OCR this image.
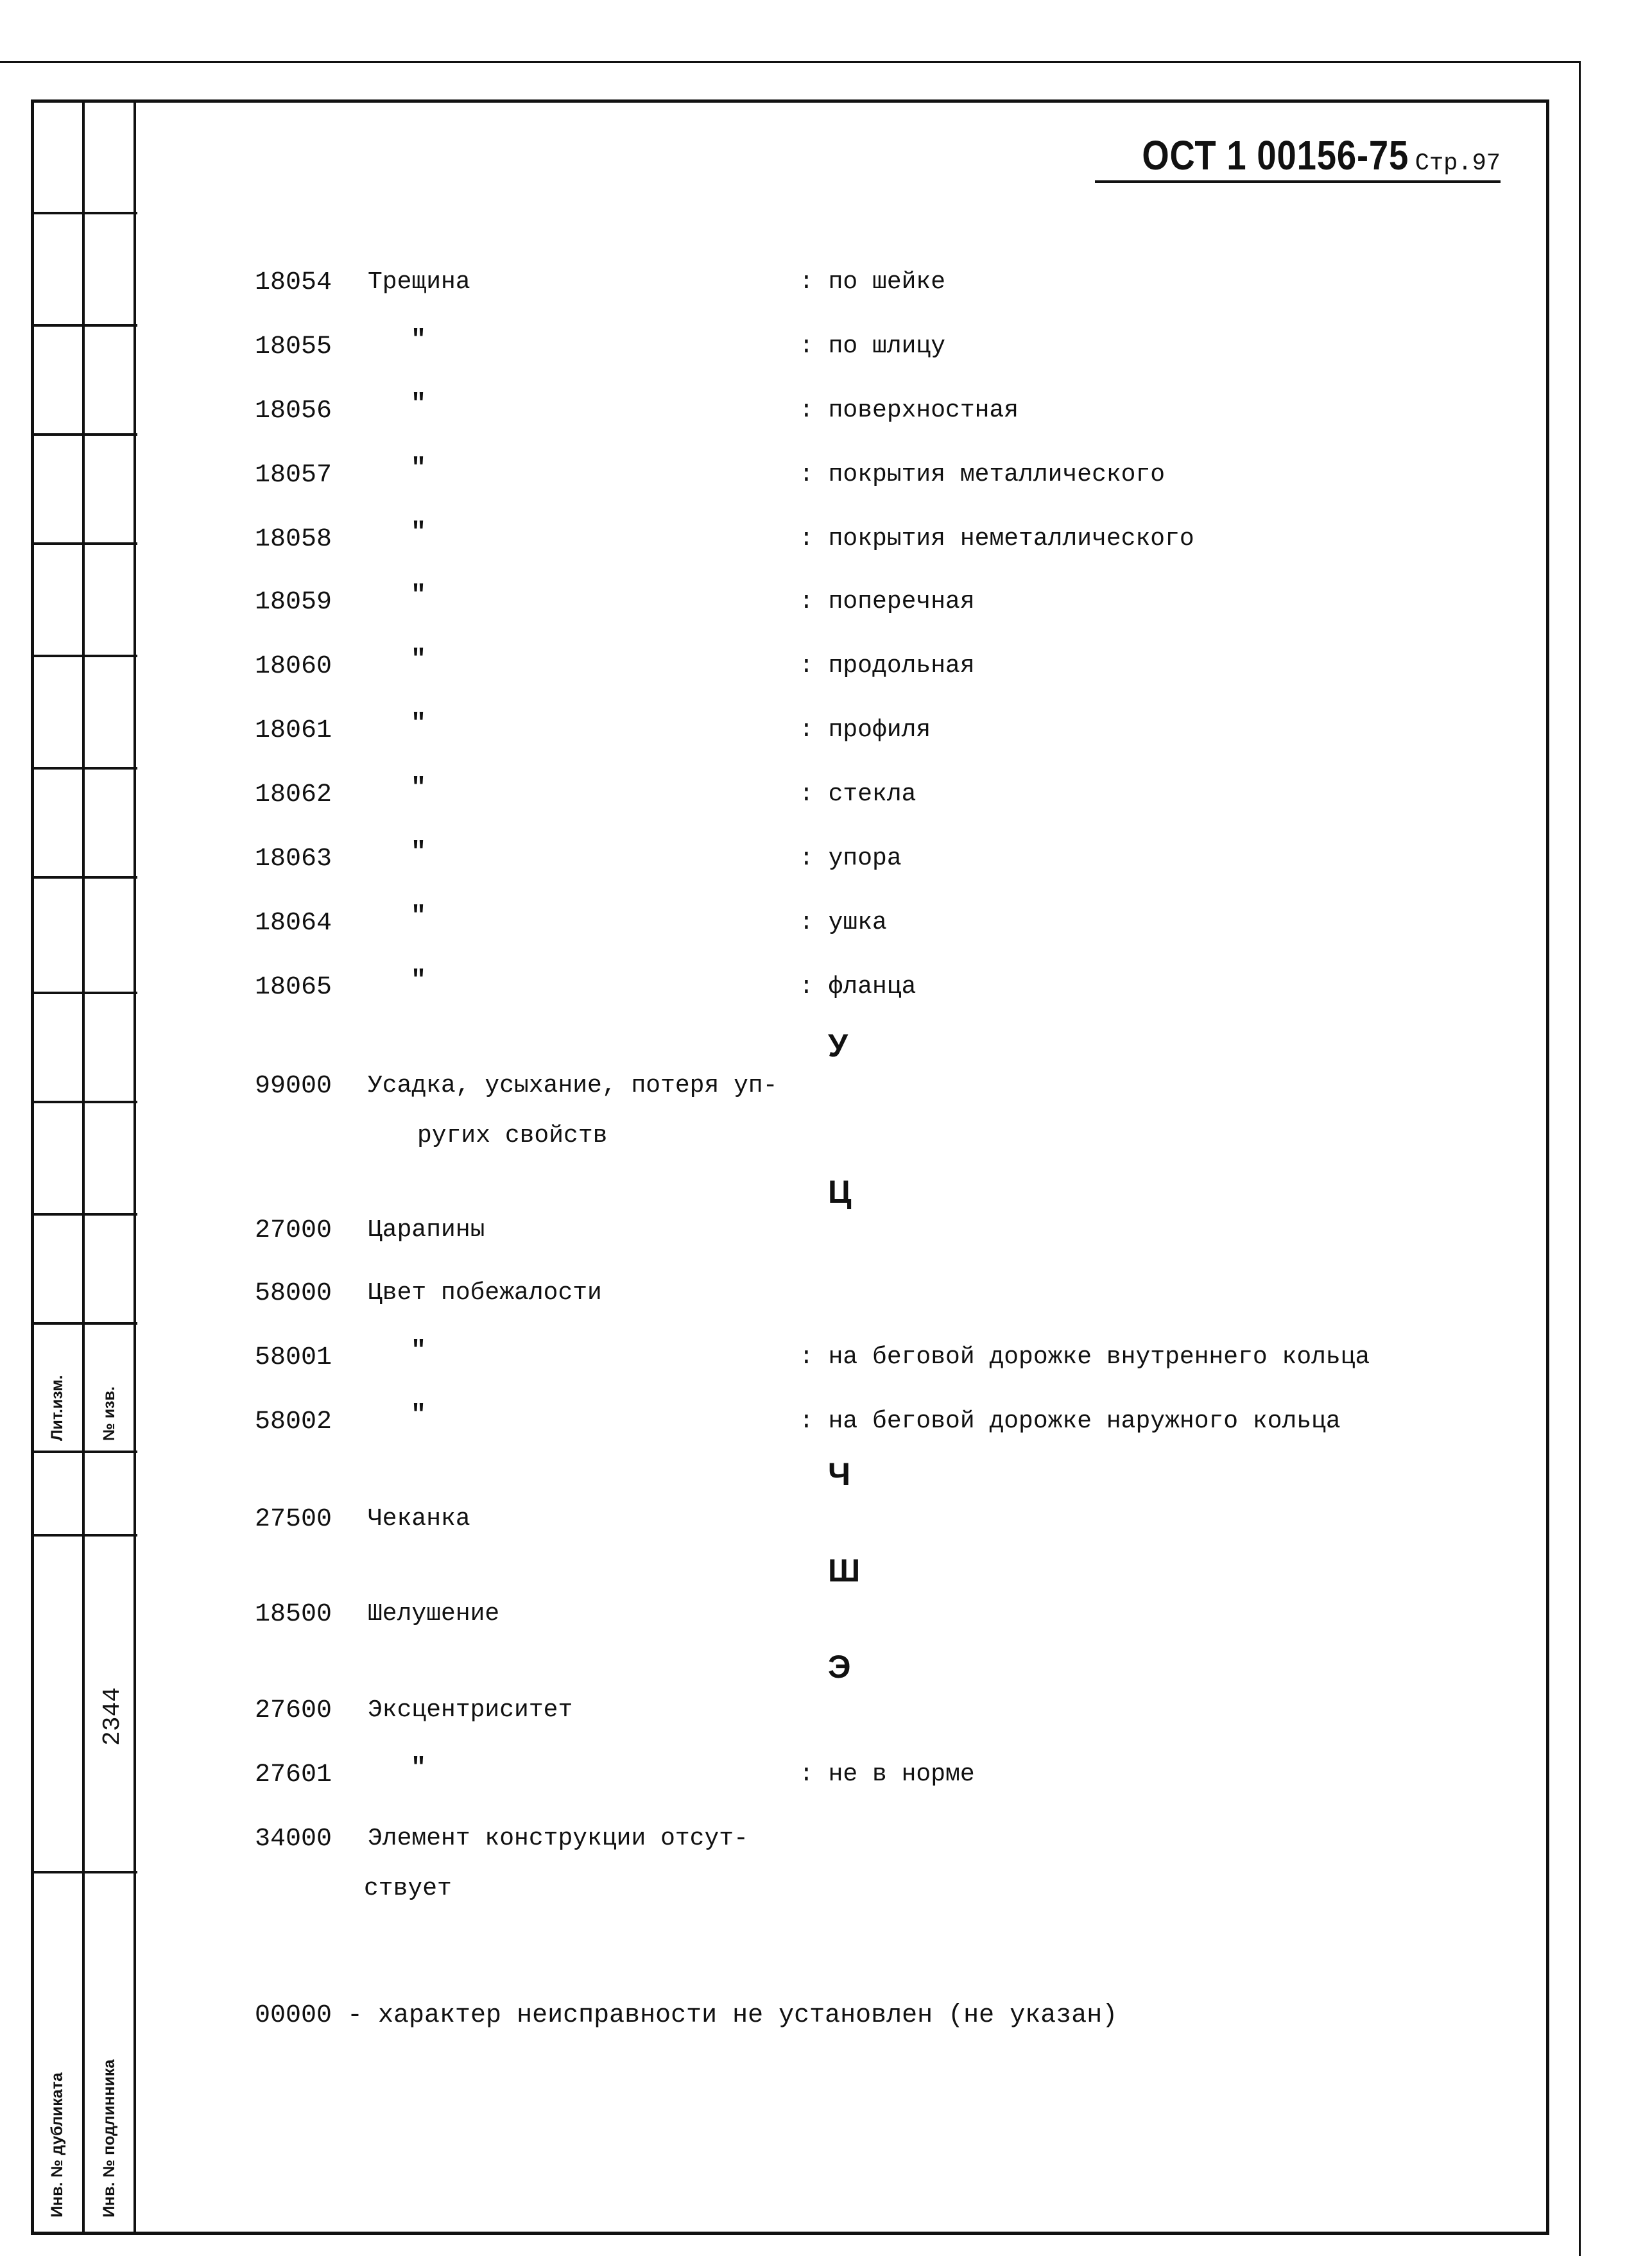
Лит.изм. № изв.
Инв. № дубликата Инв. № подлинника
2344
ОСТ 1 00156-75 Стр.97
18054 Трещина	: по шейке
18055	"	: по шлицу
18056	"	: поверхностная
18057	"	: покрытия металлического
18058	"	: покрытия неметаллического
18059	"	: поперечная
18060	"	: продольная
18061	"	: профиля
18062	"	: стекла
18063	"	: упора
18064	"	: ушка
18065	"	: фланца
У
99000 Усадка, усыхание, потеря уп-
ругих свойств
Ц
27000 Царапины
58000 Цвет побежалости
58001	"	: на беговой дорожке внутреннего кольца
58002	"	: на беговой дорожке наружного кольца
Ч
27500 Чеканка
Ш
18500 Шелушение
Э
27600 Эксцентриситет
27601	"	: не в норме
34000 Элемент конструкции отсут-
ствует
00000 - характер неисправности не установлен (не указан)
